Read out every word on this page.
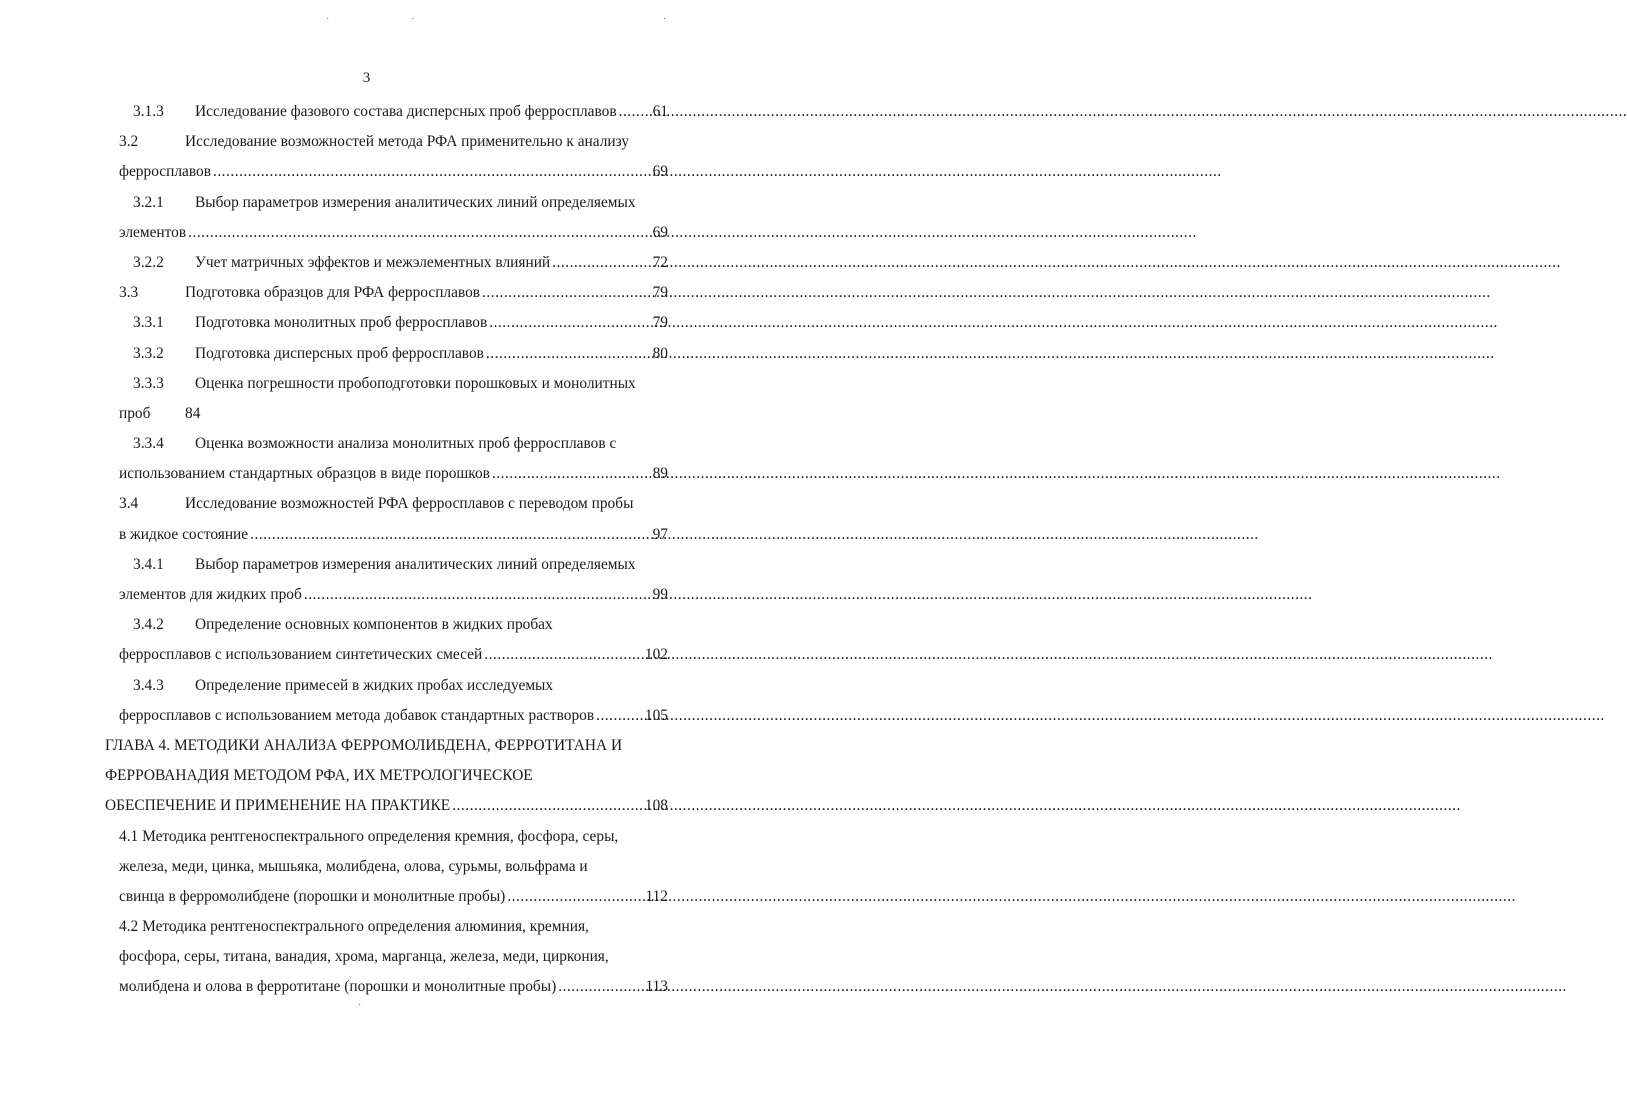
·	·	·
3
3.1.3	Исследование фазового состава дисперсных проб ферросплавов ..... 61
3.2	Исследование возможностей метода РФА применительно к анализу
ферросплавов .....	69
3.2.1	Выбор параметров измерения аналитических линий определяемых
элементов .....	69
3.2.2	Учет матричных эффектов и межэлементных влияний .....	72
3.3	Подготовка образцов для РФА ферросплавов .....	79
3.3.1	Подготовка монолитных проб ферросплавов .....	79
3.3.2	Подготовка дисперсных проб ферросплавов .....	80
3.3.3	Оценка погрешности пробоподготовки порошковых и монолитных
проб	84
3.3.4	Оценка возможности анализа монолитных проб ферросплавов с
использованием стандартных образцов в виде порошков .....	89
3.4	Исследование возможностей РФА ферросплавов с переводом пробы
в жидкое состояние .....	97
3.4.1	Выбор параметров измерения аналитических линий определяемых
элементов для жидких проб .....	99
3.4.2	Определение основных компонентов в жидких пробах
ферросплавов с использованием синтетических смесей .....	102
3.4.3	Определение примесей в жидких пробах исследуемых
ферросплавов с использованием метода добавок стандартных растворов .....	105
ГЛАВА 4. МЕТОДИКИ АНАЛИЗА ФЕРРОМОЛИБДЕНА, ФЕРРОТИТАНА И
ФЕРРОВАНАДИЯ МЕТОДОМ РФА, ИХ МЕТРОЛОГИЧЕСКОЕ
ОБЕСПЕЧЕНИЕ И ПРИМЕНЕНИЕ НА ПРАКТИКЕ .....	108
4.1 Методика рентгеноспектрального определения кремния, фосфора, серы,
железа, меди, цинка, мышьяка, молибдена, олова, сурьмы, вольфрама и
свинца в ферромолибдене (порошки и монолитные пробы) .....	112
4.2 Методика рентгеноспектрального определения алюминия, кремния,
фосфора, серы, титана, ванадия, хрома, марганца, железа, меди, циркония,
молибдена и олова в ферротитане (порошки и монолитные пробы) .....	113
·
